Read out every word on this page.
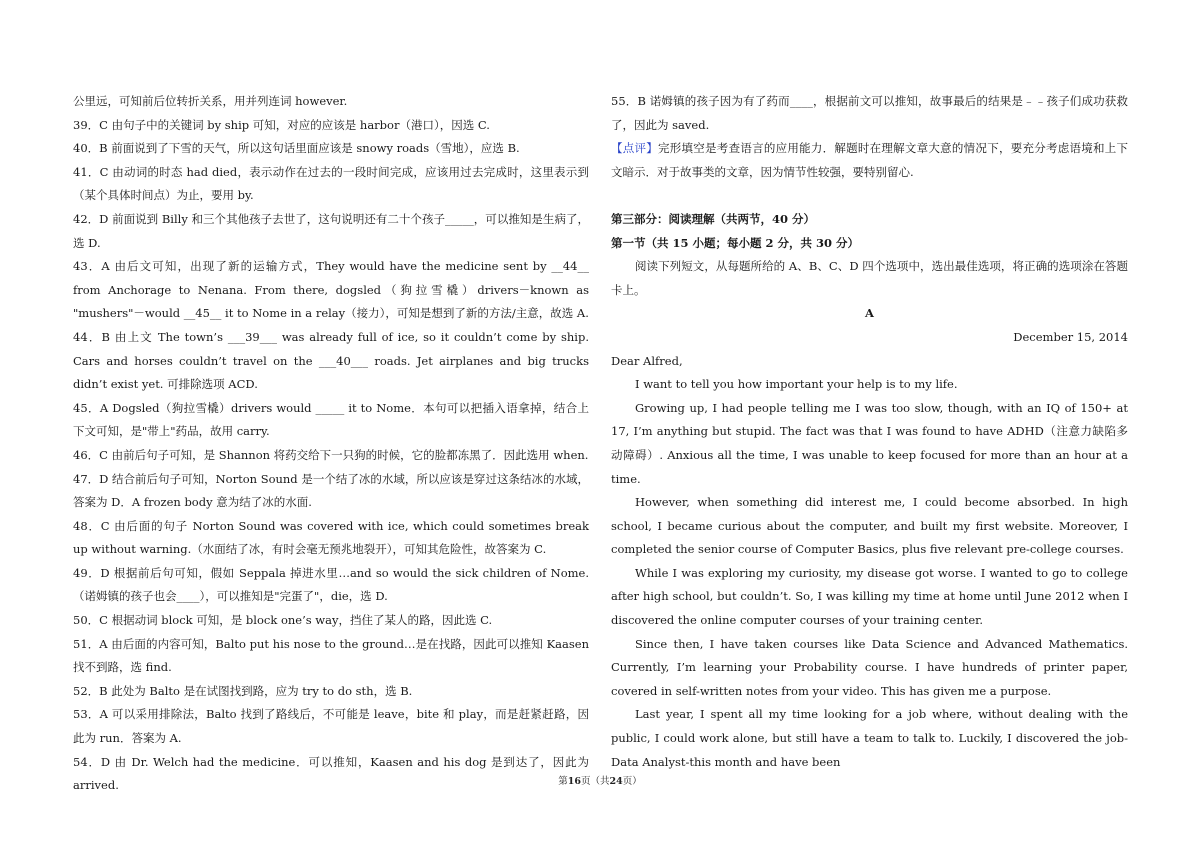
公里远，可知前后位转折关系，用并列连词 however.

39．C 由句子中的关键词 by ship 可知，对应的应该是 harbor（港口），因选 C.

40．B 前面说到了下雪的天气，所以这句话里面应该是 snowy roads（雪地），应选 B.

41．C 由动词的时态 had died，表示动作在过去的一段时间完成，应该用过去完成时，这里表示到（某个具体时间点）为止，要用 by.

42．D 前面说到 Billy 和三个其他孩子去世了，这句说明还有二十个孩子_____，可以推知是生病了，选 D.

43．A 由后文可知，出现了新的运输方式，They would have the medicine sent by __44__ from Anchorage to Nenana. From there, dogsled（狗拉雪橇）drivers－known as "mushers"－would __45__ it to Nome in a relay（接力），可知是想到了新的方法/主意，故选 A.

44．B 由上文 The town’s ___39___ was already full of ice, so it couldn’t come by ship. Cars and horses couldn’t travel on the ___40___ roads. Jet airplanes and big trucks didn’t exist yet. 可排除选项 ACD.

45．A Dogsled（狗拉雪橇）drivers would _____ it to Nome．本句可以把插入语拿掉，结合上下文可知，是"带上"药品，故用 carry.

46．C 由前后句子可知，是 Shannon 将药交给下一只狗的时候，它的脸都冻黑了．因此选用 when.

47．D 结合前后句子可知，Norton Sound 是一个结了冰的水域，所以应该是穿过这条结冰的水域，答案为 D．A frozen body 意为结了冰的水面.

48．C 由后面的句子 Norton Sound was covered with ice, which could sometimes break up without warning.（水面结了冰，有时会毫无预兆地裂开），可知其危险性，故答案为 C.

49．D 根据前后句可知，假如 Seppala 掉进水里…and so would the sick children of Nome.（诺姆镇的孩子也会____），可以推知是"完蛋了"，die，选 D.

50．C 根据动词 block 可知，是 block one’s way，挡住了某人的路，因此选 C.

51．A 由后面的内容可知，Balto put his nose to the ground…是在找路，因此可以推知 Kaasen 找不到路，选 find.

52．B 此处为 Balto 是在试图找到路，应为 try to do sth，选 B.

53．A 可以采用排除法，Balto 找到了路线后，不可能是 leave，bite 和 play，而是赶紧赶路，因此为 run．答案为 A.

54．D 由 Dr. Welch had the medicine．可以推知，Kaasen and his dog 是到达了，因此为 arrived.

55．B 诺姆镇的孩子因为有了药而____，根据前文可以推知，故事最后的结果是﹣﹣孩子们成功获救了，因此为 saved.

【点评】完形填空是考查语言的应用能力．解题时在理解文章大意的情况下，要充分考虑语境和上下文暗示．对于故事类的文章，因为情节性较强，要特别留心.

第三部分：阅读理解（共两节，40 分）

第一节（共 15 小题；每小题 2 分，共 30 分）

阅读下列短文，从每题所给的 A、B、C、D 四个选项中，选出最佳选项，将正确的选项涂在答题卡上。

A

December 15, 2014

Dear Alfred,

I want to tell you how important your help is to my life.

Growing up, I had people telling me I was too slow, though, with an IQ of 150+ at 17, I’m anything but stupid. The fact was that I was found to have ADHD（注意力缺陷多动障碍）. Anxious all the time, I was unable to keep focused for more than an hour at a time.

However, when something did interest me, I could become absorbed. In high school, I became curious about the computer, and built my first website. Moreover, I completed the senior course of Computer Basics, plus five relevant pre-college courses.

While I was exploring my curiosity, my disease got worse. I wanted to go to college after high school, but couldn’t. So, I was killing my time at home until June 2012 when I discovered the online computer courses of your training center.

Since then, I have taken courses like Data Science and Advanced Mathematics. Currently, I’m learning your Probability course. I have hundreds of printer paper, covered in self-written notes from your video. This has given me a purpose.

Last year, I spent all my time looking for a job where, without dealing with the public, I could work alone, but still have a team to talk to. Luckily, I discovered the job-Data Analyst-this month and have been

第16页（共24页）
